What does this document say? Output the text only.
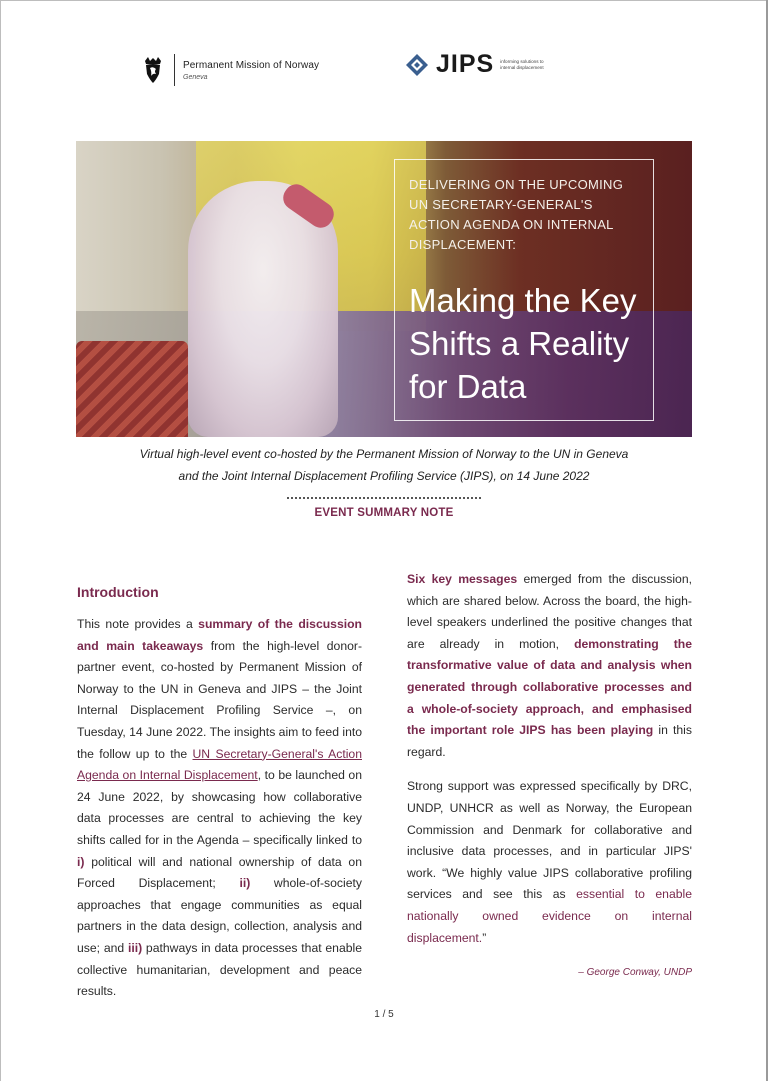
Permanent Mission of Norway
Geneva	JIPS informing solutions to internal displacement
DELIVERING ON THE UPCOMING UN SECRETARY-GENERAL'S ACTION AGENDA ON INTERNAL DISPLACEMENT:
Making the Key Shifts a Reality for Data
Virtual high-level event co-hosted by the Permanent Mission of Norway to the UN in Geneva
and the Joint Internal Displacement Profiling Service (JIPS), on 14 June 2022
EVENT SUMMARY NOTE
Introduction

This note provides a summary of the discussion and main takeaways from the high-level donor-partner event, co-hosted by Permanent Mission of Norway to the UN in Geneva and JIPS – the Joint Internal Displacement Profiling Service –, on Tuesday, 14 June 2022. The insights aim to feed into the follow up to the UN Secretary-General's Action Agenda on Internal Displacement, to be launched on 24 June 2022, by showcasing how collaborative data processes are central to achieving the key shifts called for in the Agenda – specifically linked to i) political will and national ownership of data on Forced Displacement; ii) whole-of-society approaches that engage communities as equal partners in the data design, collection, analysis and use; and iii) pathways in data processes that enable collective humanitarian, development and peace results.

Six key messages emerged from the discussion, which are shared below. Across the board, the high-level speakers underlined the positive changes that are already in motion, demonstrating the transformative value of data and analysis when generated through collaborative processes and a whole-of-society approach, and emphasised the important role JIPS has been playing in this regard.

Strong support was expressed specifically by DRC, UNDP, UNHCR as well as Norway, the European Commission and Denmark for collaborative and inclusive data processes, and in particular JIPS' work. “We highly value JIPS collaborative profiling services and see this as essential to enable nationally owned evidence on internal displacement.”

– George Conway, UNDP
1 / 5
